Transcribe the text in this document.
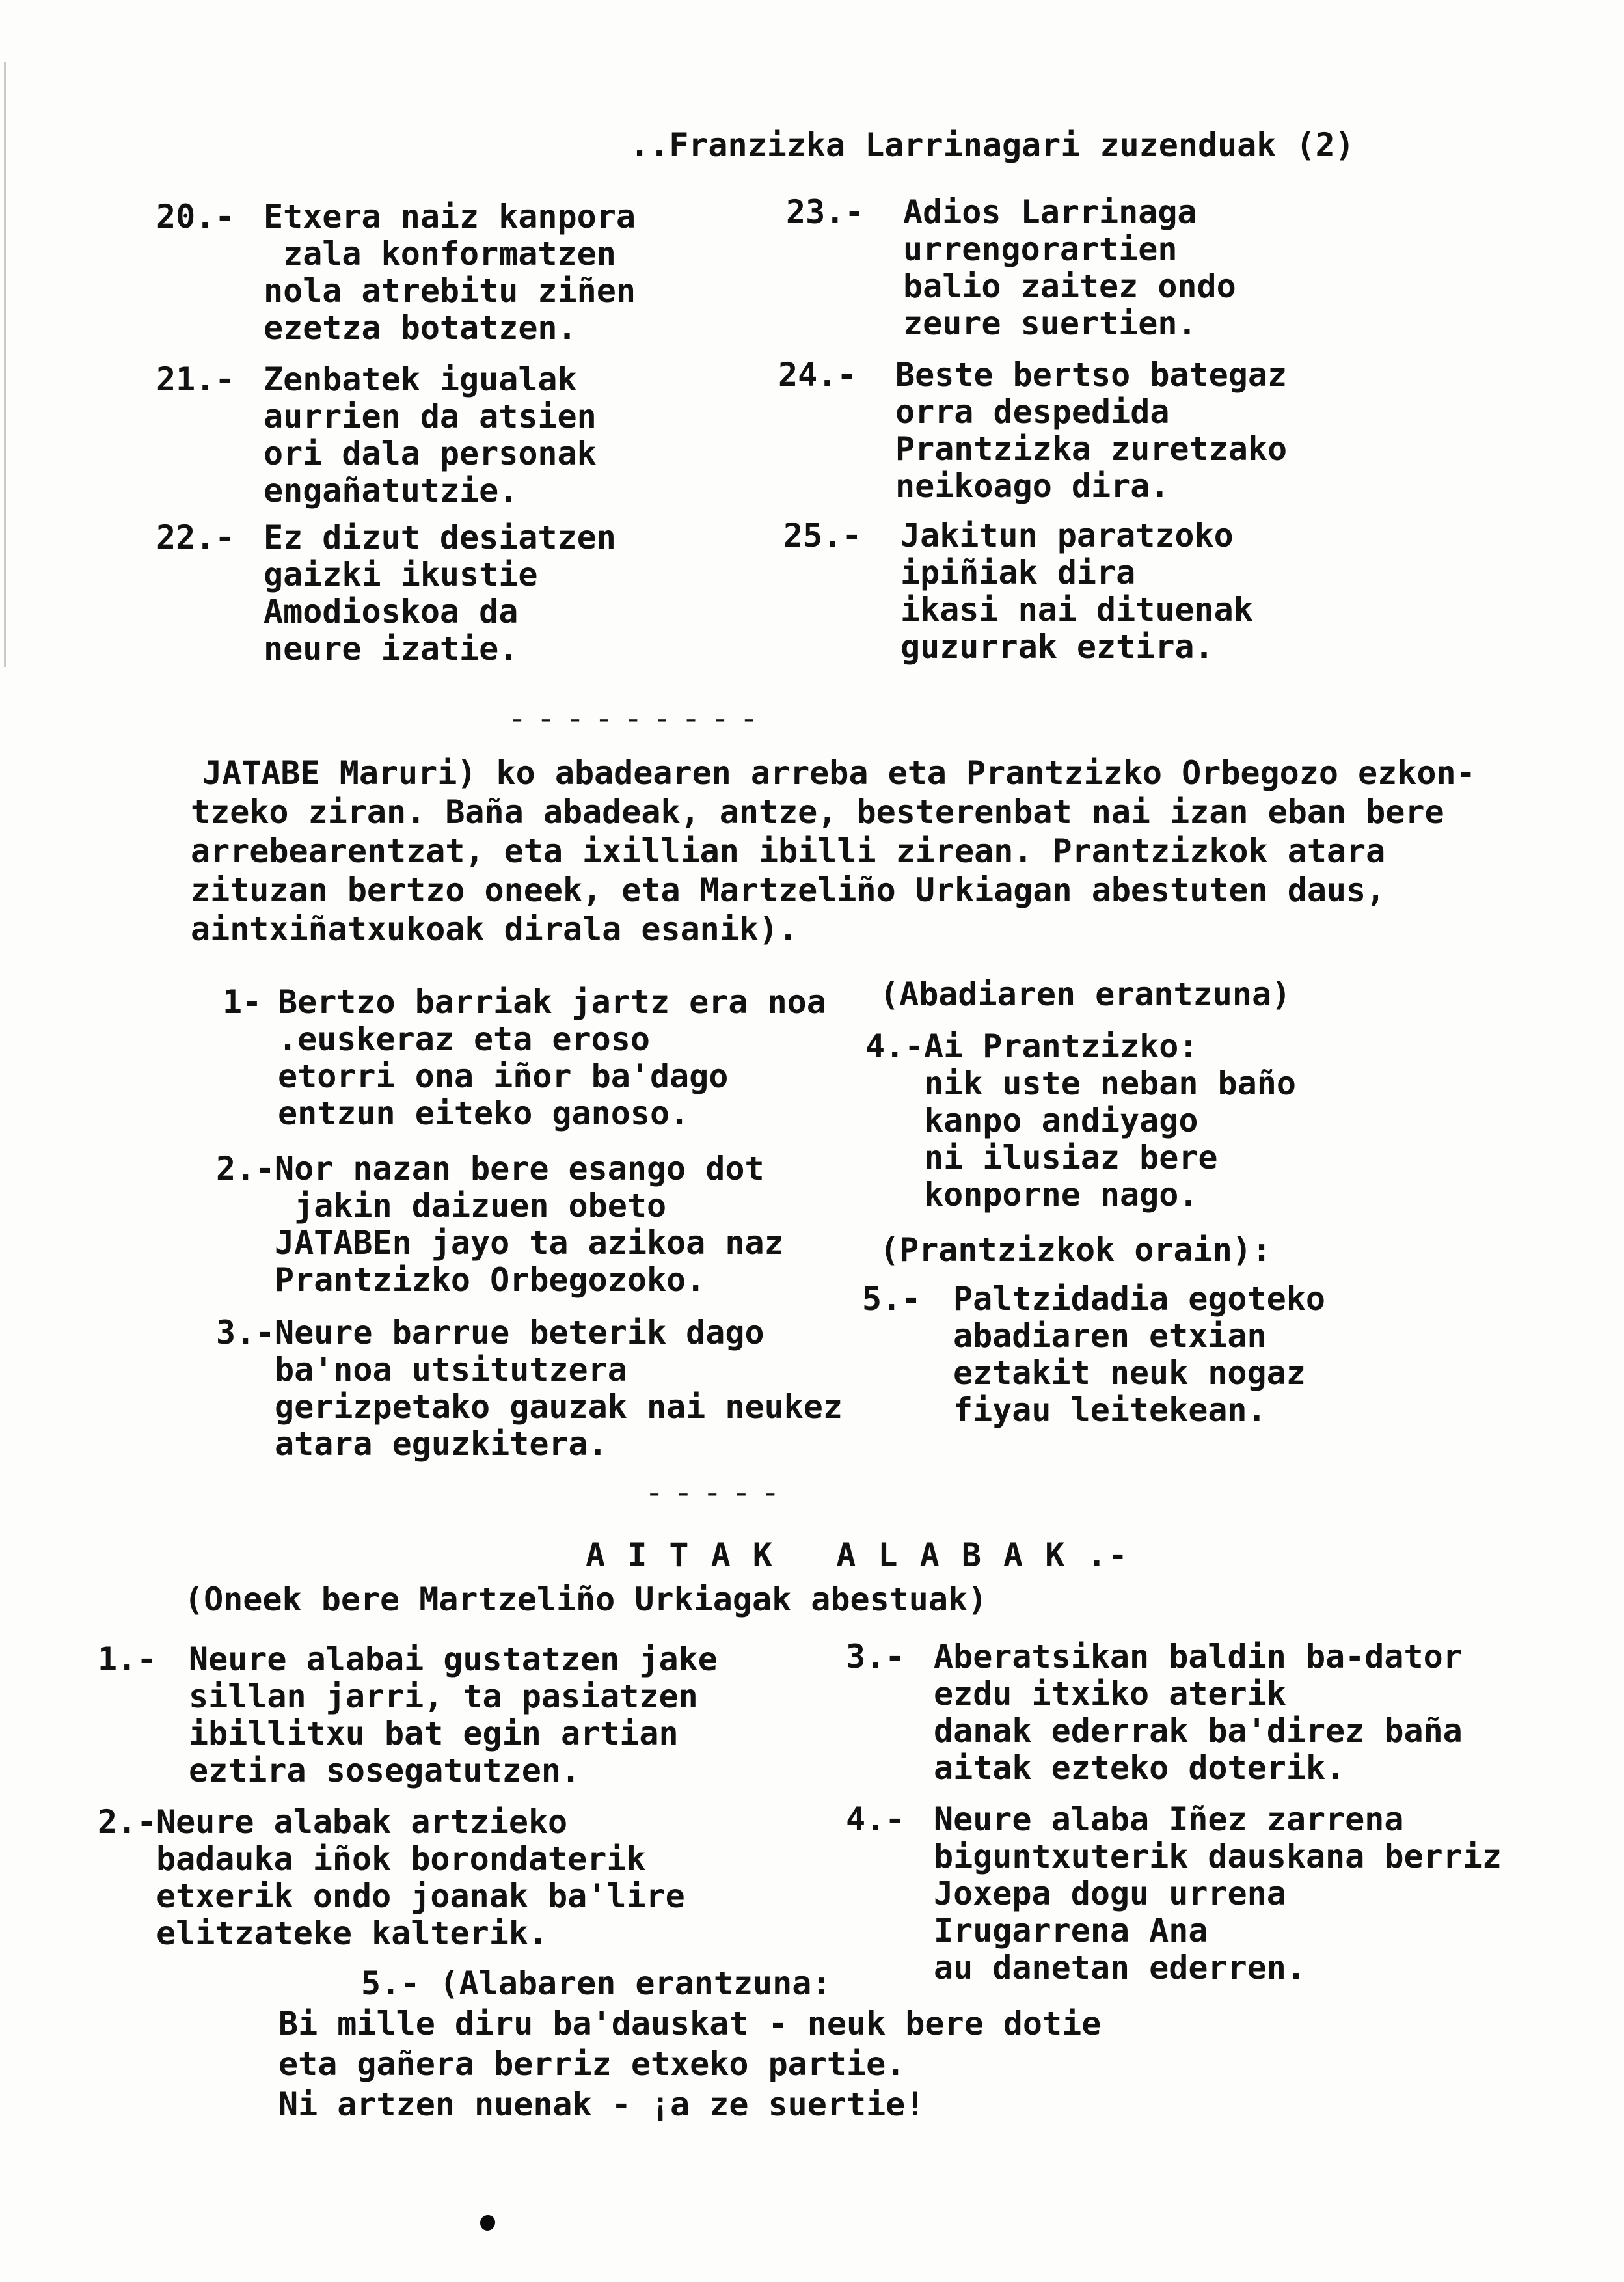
..Franzizka Larrinagari zuzenduak (2)
20.- Etxera naiz kanpora
zala konformatzen
nola atrebitu ziñen
ezetza botatzen.
21.- Zenbatek igualak
aurrien da atsien
ori dala personak
engañatutzie.
22.- Ez dizut desiatzen
gaizki ikustie
Amodioskoa da
neure izatie.
23.- Adios Larrinaga
urrengorartien
balio zaitez ondo
zeure suertien.
24.- Beste bertso bategaz
orra despedida
Prantzizka zuretzako
neikoago dira.
25.- Jakitun paratzoko
ipiñiak dira
ikasi nai dituenak
guzurrak eztira.
- - - - - - - - -
JATABE Maruri) ko abadearen arreba eta Prantzizko Orbegozo ezkon-
tzeko ziran. Baña abadeak, antze, besterenbat nai izan eban bere
arrebearentzat, eta ixillian ibilli zirean. Prantzizkok atara
zituzan bertzo oneek, eta Martzeliño Urkiagan abestuten daus,
aintxiñatxukoak dirala esanik).
1- Bertzo barriak jartz era noa
.euskeraz eta eroso
etorri ona iñor ba'dago
entzun eiteko ganoso.
2.- Nor nazan bere esango dot
jakin daizuen obeto
JATABEn jayo ta azikoa naz
Prantzizko Orbegozoko.
3.- Neure barrue beterik dago
ba'noa utsitutzera
gerizpetako gauzak nai neukez
atara eguzkitera.
(Abadiaren erantzuna)
4.- Ai Prantzizko:
nik uste neban baño
kanpo andiyago
ni ilusiaz bere
konporne nago.
(Prantzizkok orain):
5.- Paltzidadia egoteko
abadiaren etxian
eztakit neuk nogaz
fiyau leitekean.
- - - - -
A I T A K   A L A B A K .-
(Oneek bere Martzeliño Urkiagak abestuak)
1.- Neure alabai gustatzen jake
sillan jarri, ta pasiatzen
ibillitxu bat egin artian
eztira sosegatutzen.
2.- Neure alabak artzieko
badauka iñok borondaterik
etxerik ondo joanak ba'lire
elitzateke kalterik.
3.- Aberatsikan baldin ba-dator
ezdu itxiko aterik
danak ederrak ba'direz baña
aitak ezteko doterik.
4.- Neure alaba Iñez zarrena
biguntxuterik dauskana berriz
Joxepa dogu urrena
Irugarrena Ana
au danetan ederren.
5.- (Alabaren erantzuna:
Bi mille diru ba'dauskat - neuk bere dotie
eta gañera berriz etxeko partie.
Ni artzen nuenak - ¡a ze suertie!
